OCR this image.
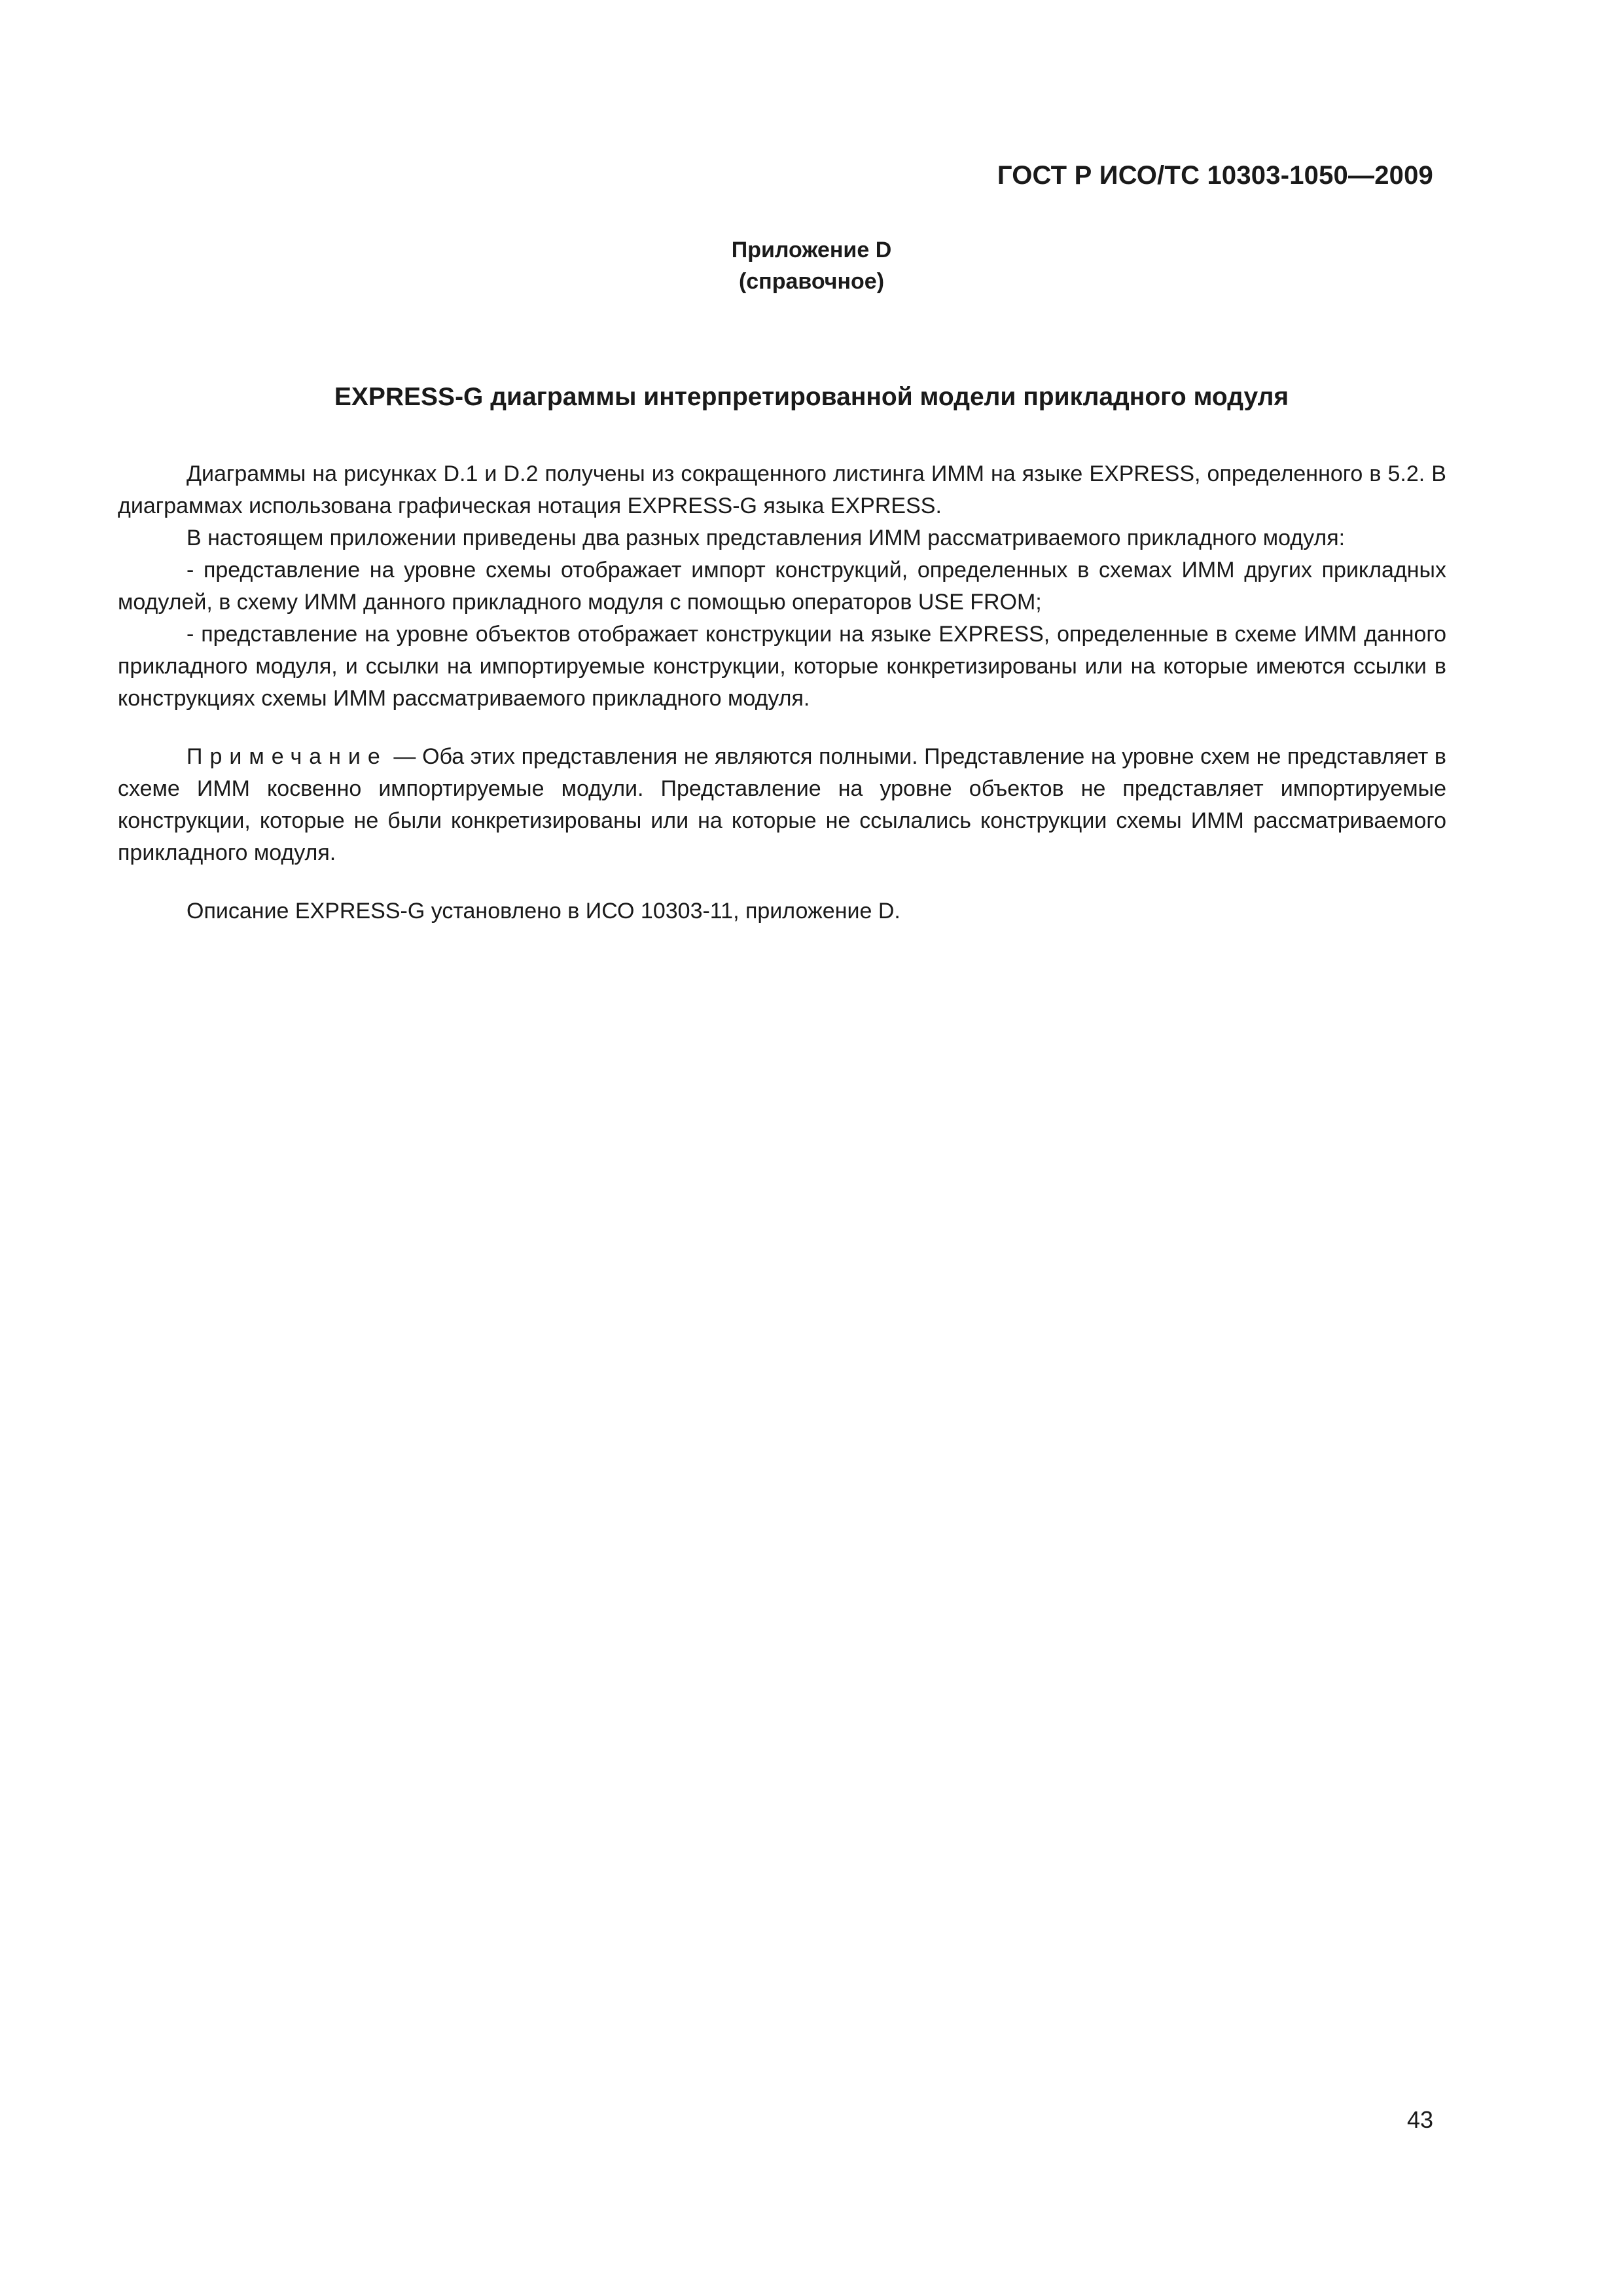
ГОСТ Р ИСО/ТС 10303-1050—2009
Приложение D
(справочное)
EXPRESS-G диаграммы интерпретированной модели прикладного модуля

Диаграммы на рисунках D.1 и D.2 получены из сокращенного листинга ИММ на языке EXPRESS, определенного в 5.2. В диаграммах использована графическая нотация EXPRESS-G языка EXPRESS.

В настоящем приложении приведены два разных представления ИММ рассматриваемого прикладного модуля:

- представление на уровне схемы отображает импорт конструкций, определенных в схемах ИММ других прикладных модулей, в схему ИММ данного прикладного модуля с помощью операторов USE FROM;

- представление на уровне объектов отображает конструкции на языке EXPRESS, определенные в схеме ИММ данного прикладного модуля, и ссылки на импортируемые конструкции, которые конкретизированы или на которые имеются ссылки в конструкциях схемы ИММ рассматриваемого прикладного модуля.

Примечание — Оба этих представления не являются полными. Представление на уровне схем не представляет в схеме ИММ косвенно импортируемые модули. Представление на уровне объектов не представляет импортируемые конструкции, которые не были конкретизированы или на которые не ссылались конструкции схемы ИММ рассматриваемого прикладного модуля.

Описание EXPRESS-G установлено в ИСО 10303-11, приложение D.

43
